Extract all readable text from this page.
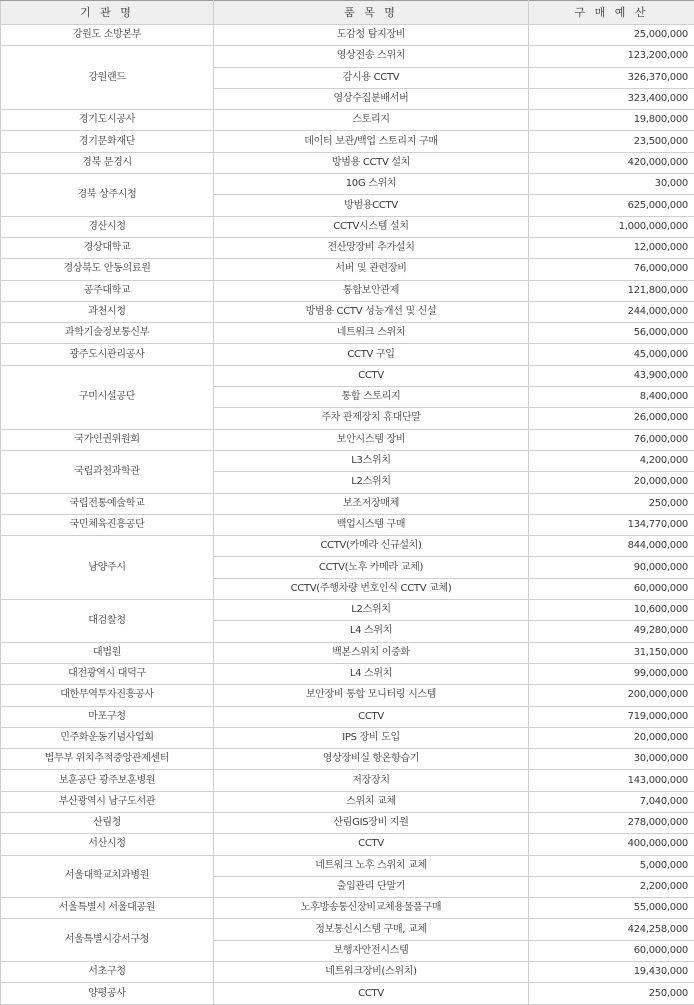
기 관 명	품 목 명	구 매 예 산
강원도 소방본부	도감청 탐지장비	25,000,000
강원랜드	영상전송 스위치	123,200,000
	감시용 CCTV	326,370,000
	영상수집분배서버	323,400,000
경기도시공사	스토리지	19,800,000
경기문화재단	데이터 보관/백업 스토리지 구매	23,500,000
경북 문경시	방범용 CCTV 설치	420,000,000
경북 상주시청	10G 스위치	30,000
	방범용CCTV	625,000,000
경산시청	CCTV시스템 설치	1,000,000,000
경상대학교	전산망장비 추가설치	12,000,000
경상북도 안동의료원	서버 및 관련장비	76,000,000
공주대학교	통합보안관제	121,800,000
과천시청	방범용 CCTV 성능개선 및 신설	244,000,000
과학기술정보통신부	네트워크 스위치	56,000,000
광주도시관리공사	CCTV 구입	45,000,000
구미시설공단	CCTV	43,900,000
	통합 스토리지	8,400,000
	주차 관제장치 휴대단말	26,000,000
국가인권위원회	보안시스템 장비	76,000,000
국립과천과학관	L3스위치	4,200,000
	L2스위치	20,000,000
국립전통예술학교	보조저장매체	250,000
국민체육진흥공단	백업시스템 구매	134,770,000
남양주시	CCTV(카메라 신규설치)	844,000,000
	CCTV(노후 카메라 교체)	90,000,000
	CCTV(주행차량 번호인식 CCTV 교체)	60,000,000
대검찰청	L2스위치	10,600,000
	L4 스위치	49,280,000
대법원	백본스위치 이중화	31,150,000
대전광역시 대덕구	L4 스위치	99,000,000
대한무역투자진흥공사	보안장비 통합 모니터링 시스템	200,000,000
마포구청	CCTV	719,000,000
민주화운동기념사업회	IPS 장비 도입	20,000,000
법무부 위치추적중앙관제센터	영상장비실 항온항습기	30,000,000
보훈공단 광주보훈병원	저장장치	143,000,000
부산광역시 남구도서관	스위치 교체	7,040,000
산림청	산림GIS장비 지원	278,000,000
서산시청	CCTV	400,000,000
서울대학교치과병원	네트워크 노후 스위치 교체	5,000,000
	출입관리 단말기	2,200,000
서울특별시 서울대공원	노후방송통신장비교체용물품구매	55,000,000
서울특별시강서구청	정보통신시스템 구매, 교체	424,258,000
	보행자안전시스템	60,000,000
서초구청	네트워크장비(스위치)	19,430,000
양평공사	CCTV	250,000
